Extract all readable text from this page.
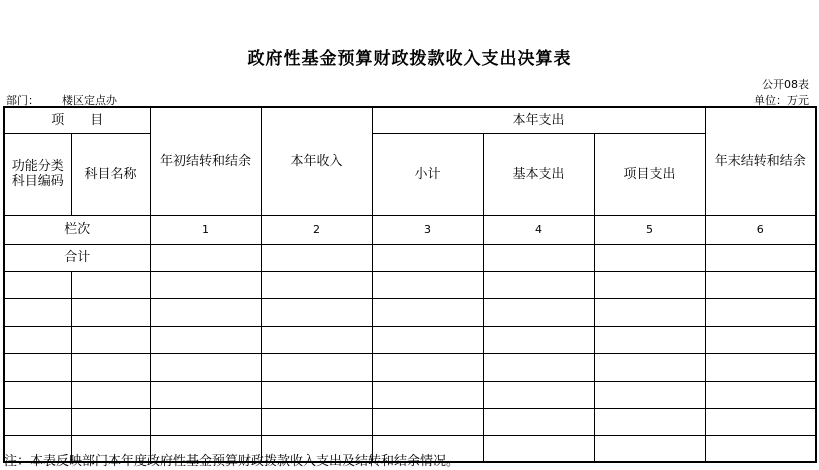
政府性基金预算财政拨款收入支出决算表
公开08表
部门： 楼区定点办	单位：万元
项　　目		年初结转和结余	本年收入	本年支出			年末结转和结余
功能分类科目编码	科目名称			小计	基本支出	项目支出	

栏次		1	2	3	4	5	6
合计							

注：本表反映部门本年度政府性基金预算财政拨款收入支出及结转和结余情况。
